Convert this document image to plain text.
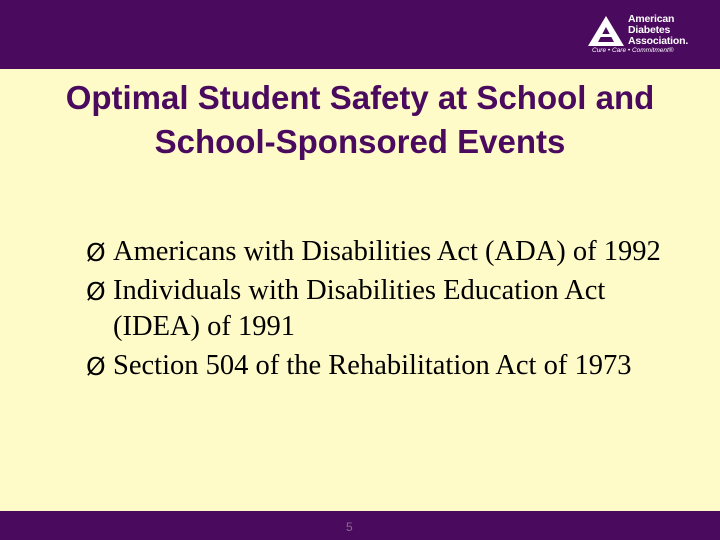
American
Diabetes
Association.
Cure • Care • Commitment®
Optimal Student Safety at School and School-Sponsored Events
Ø Americans with Disabilities Act (ADA) of 1992
Ø Individuals with Disabilities Education Act (IDEA) of 1991
Ø Section 504 of the Rehabilitation Act of 1973
5
